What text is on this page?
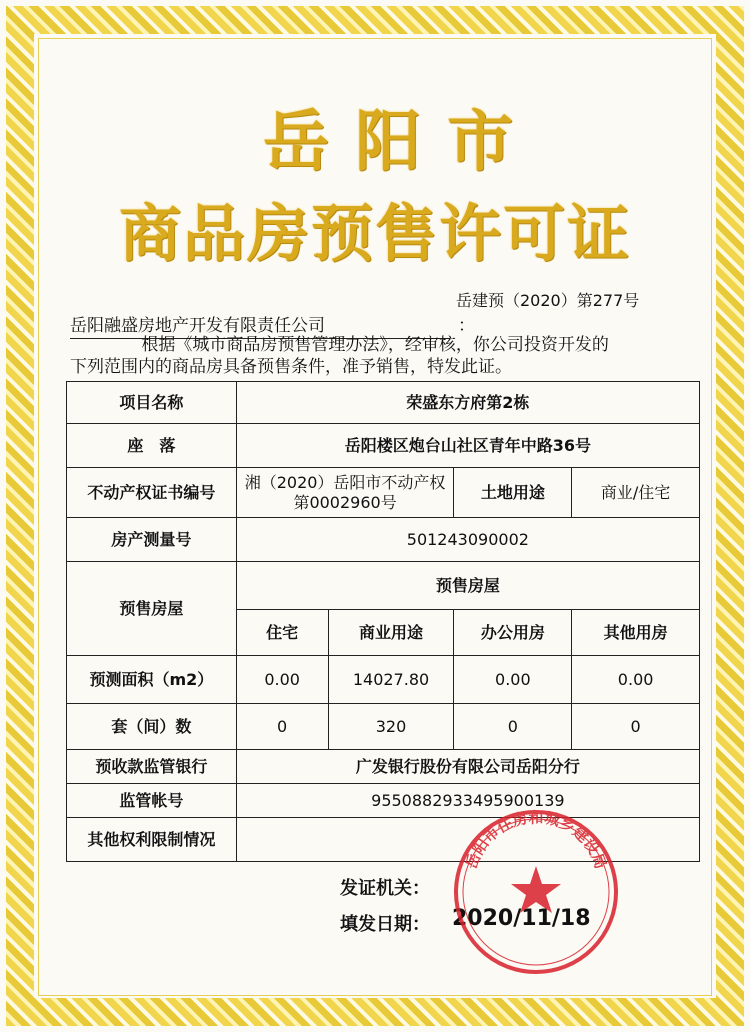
岳阳市
商品房预售许可证
岳建预（2020）第277号
岳阳融盛房地产开发有限责任公司	：
根据《城市商品房预售管理办法》，经审核，你公司投资开发的
下列范围内的商品房具备预售条件，准予销售，特发此证。
项目名称	荣盛东方府第2栋			
座　落	岳阳楼区炮台山社区青年中路36号			
不动产权证书编号	湘（2020）岳阳市不动产权第0002960号		土地用途	商业/住宅
房产测量号	501243090002			
预售房屋	预售房屋			
	住宅	商业用途	办公用房	其他用房
预测面积（m2）	0.00	14027.80	0.00	0.00
套（间）数	0	320	0	0
预收款监管银行	广发银行股份有限公司岳阳分行			
监管帐号	9550882933495900139			
其他权利限制情况				
发证机关：
填发日期： 2020/11/18
岳阳市住房和城乡建设局
